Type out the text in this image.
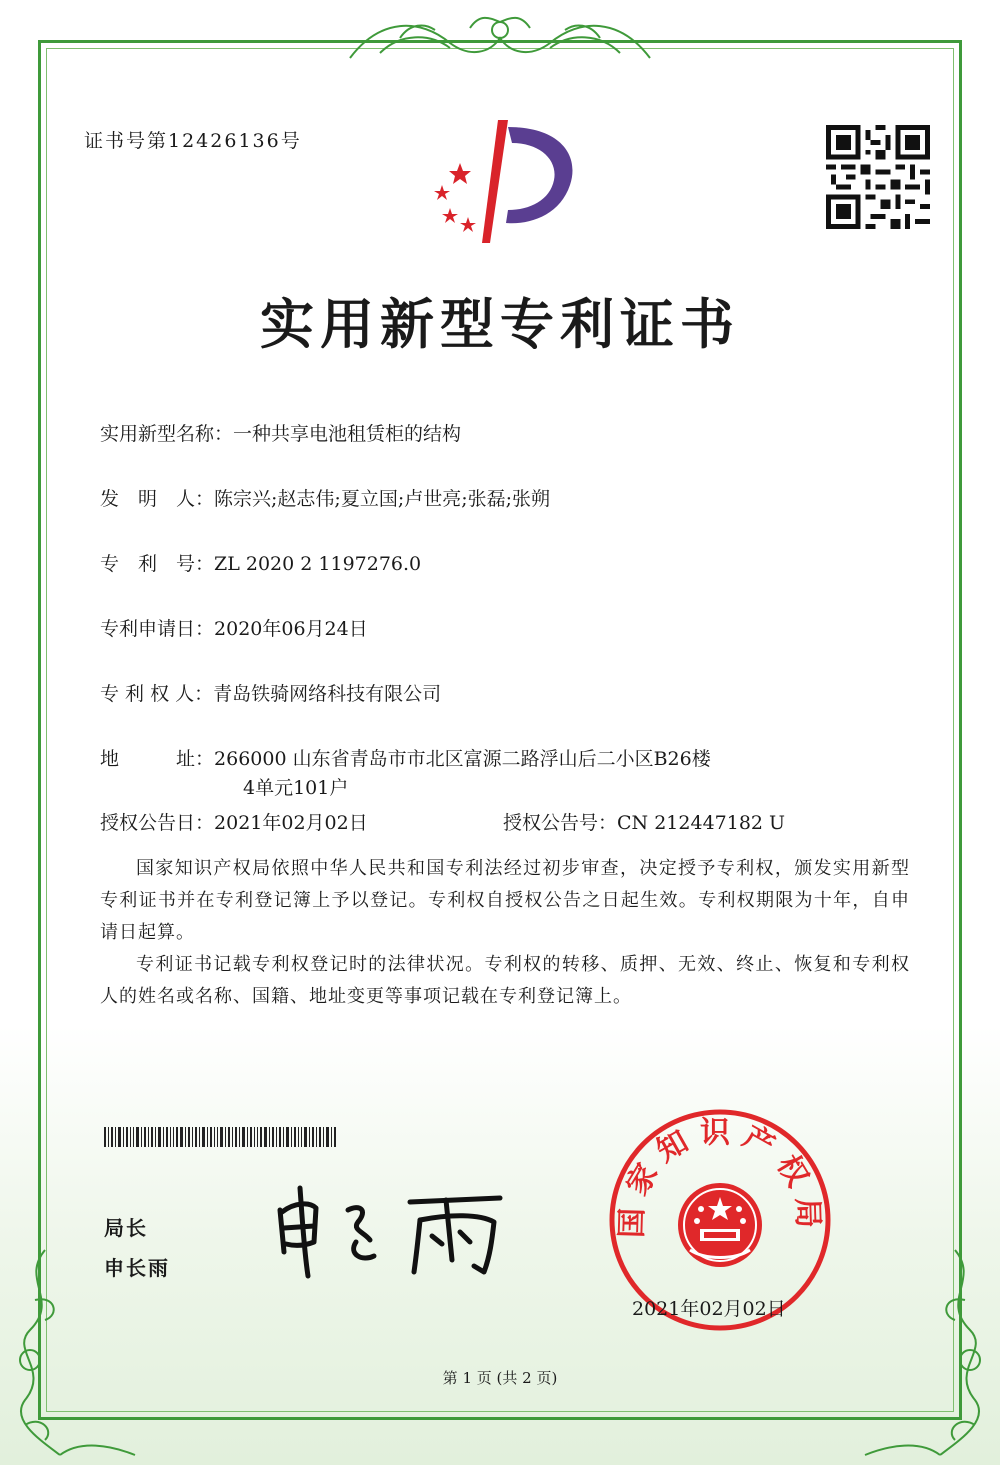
证书号第12426136号
实用新型专利证书
实用新型名称：一种共享电池租赁柜的结构
发　明　人：陈宗兴;赵志伟;夏立国;卢世亮;张磊;张朔
专　利　号：ZL 2020 2 1197276.0
专利申请日：2020年06月24日
专 利 权 人：青岛铁骑网络科技有限公司
地　　　址：266000 山东省青岛市市北区富源二路浮山后二小区B26楼
4单元101户
授权公告日：2021年02月02日	授权公告号：CN 212447182 U
国家知识产权局依照中华人民共和国专利法经过初步审查，决定授予专利权，颁发实用新型专利证书并在专利登记簿上予以登记。专利权自授权公告之日起生效。专利权期限为十年，自申请日起算。
专利证书记载专利权登记时的法律状况。专利权的转移、质押、无效、终止、恢复和专利权人的姓名或名称、国籍、地址变更等事项记载在专利登记簿上。
局长
申长雨
国家知识产权局
2021年02月02日
第 1 页 (共 2 页)
